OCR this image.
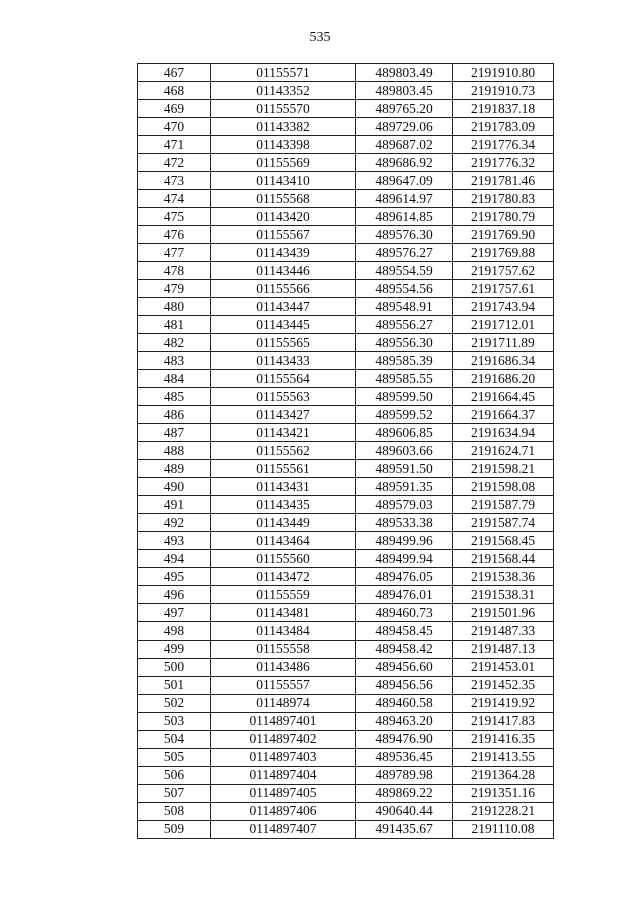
535
467	01155571	489803.49	2191910.80
468	01143352	489803.45	2191910.73
469	01155570	489765.20	2191837.18
470	01143382	489729.06	2191783.09
471	01143398	489687.02	2191776.34
472	01155569	489686.92	2191776.32
473	01143410	489647.09	2191781.46
474	01155568	489614.97	2191780.83
475	01143420	489614.85	2191780.79
476	01155567	489576.30	2191769.90
477	01143439	489576.27	2191769.88
478	01143446	489554.59	2191757.62
479	01155566	489554.56	2191757.61
480	01143447	489548.91	2191743.94
481	01143445	489556.27	2191712.01
482	01155565	489556.30	2191711.89
483	01143433	489585.39	2191686.34
484	01155564	489585.55	2191686.20
485	01155563	489599.50	2191664.45
486	01143427	489599.52	2191664.37
487	01143421	489606.85	2191634.94
488	01155562	489603.66	2191624.71
489	01155561	489591.50	2191598.21
490	01143431	489591.35	2191598.08
491	01143435	489579.03	2191587.79
492	01143449	489533.38	2191587.74
493	01143464	489499.96	2191568.45
494	01155560	489499.94	2191568.44
495	01143472	489476.05	2191538.36
496	01155559	489476.01	2191538.31
497	01143481	489460.73	2191501.96
498	01143484	489458.45	2191487.33
499	01155558	489458.42	2191487.13
500	01143486	489456.60	2191453.01
501	01155557	489456.56	2191452.35
502	01148974	489460.58	2191419.92
503	0114897401	489463.20	2191417.83
504	0114897402	489476.90	2191416.35
505	0114897403	489536.45	2191413.55
506	0114897404	489789.98	2191364.28
507	0114897405	489869.22	2191351.16
508	0114897406	490640.44	2191228.21
509	0114897407	491435.67	2191110.08
